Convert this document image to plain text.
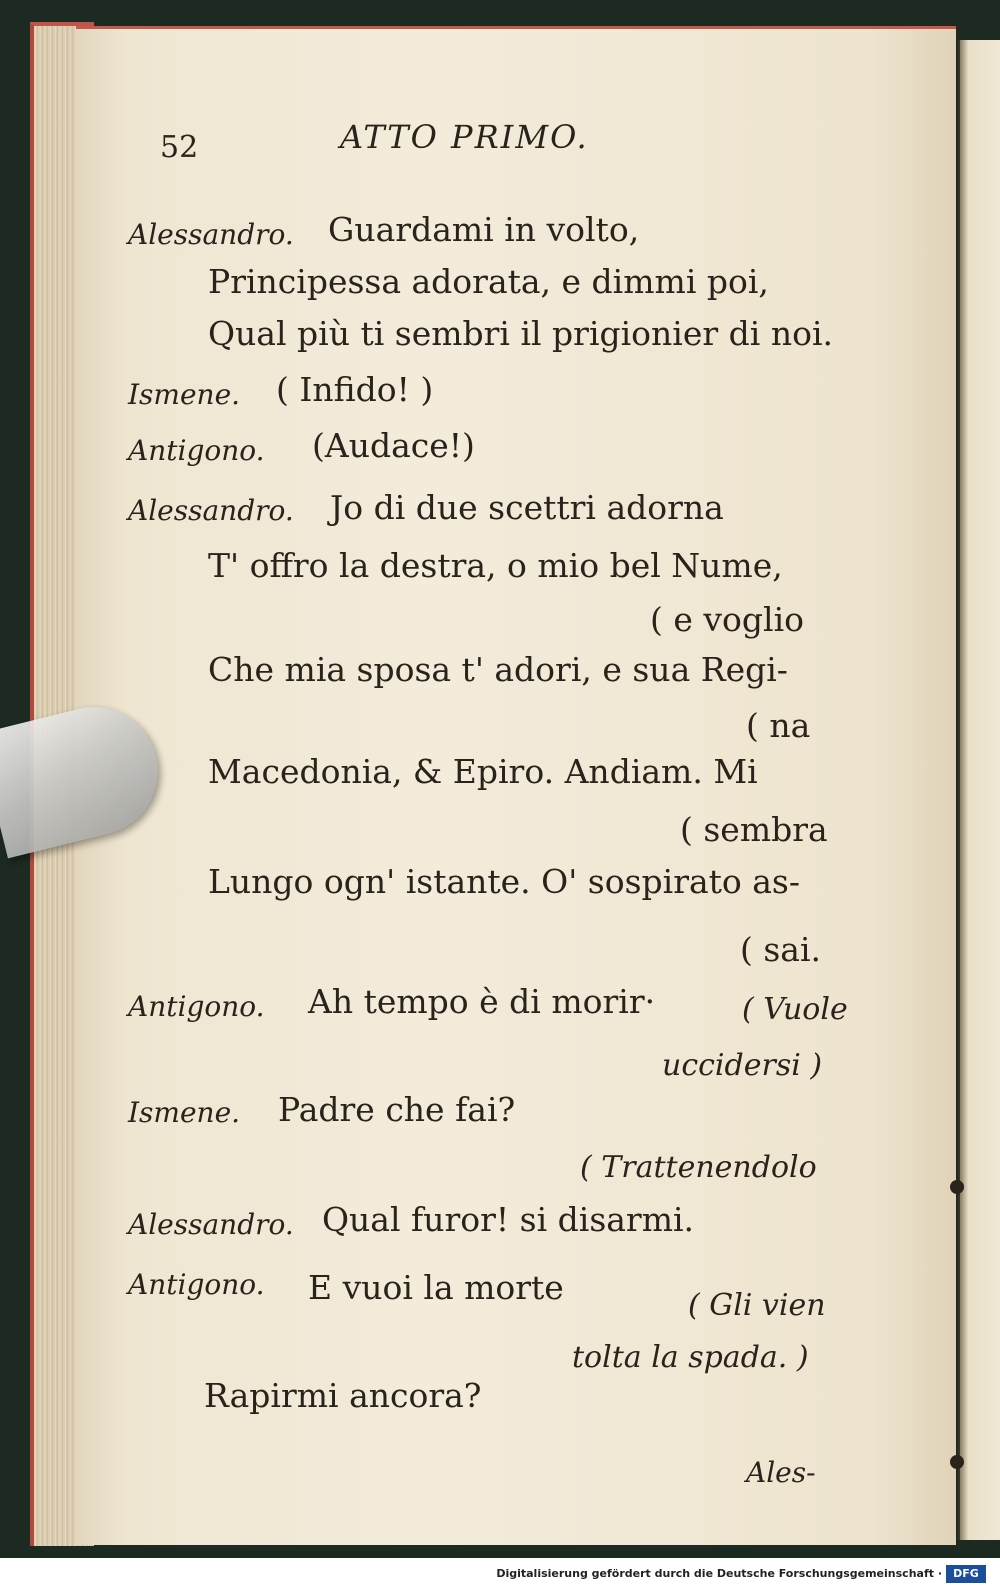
52	ATTO PRIMO.
Alessandro. Guardami in volto,
Principessa adorata, e dimmi poi,
Qual più ti sembri il prigionier di noi.
Ismene. ( Infido! )
Antigono. (Audace!)
Alessandro. Jo di due scettri adorna
T' offro la destra, o mio bel Nume,
( e voglio
Che mia sposa t' adori, e sua Regi-
( na
Macedonia, & Epiro. Andiam. Mi
( sembra
Lungo ogn' istante. O' sospirato as-
( sai.
Antigono. Ah tempo è di morir·	( Vuole
uccidersi )
Ismene. Padre che fai?
( Trattenendolo
Alessandro. Qual furor! si disarmi.
Antigono. E vuoi la morte	( Gli vien
tolta la spada. )
Rapirmi ancora?
Ales-
Digitalisierung gefördert durch die Deutsche Forschungsgemeinschaft ·	DFG
